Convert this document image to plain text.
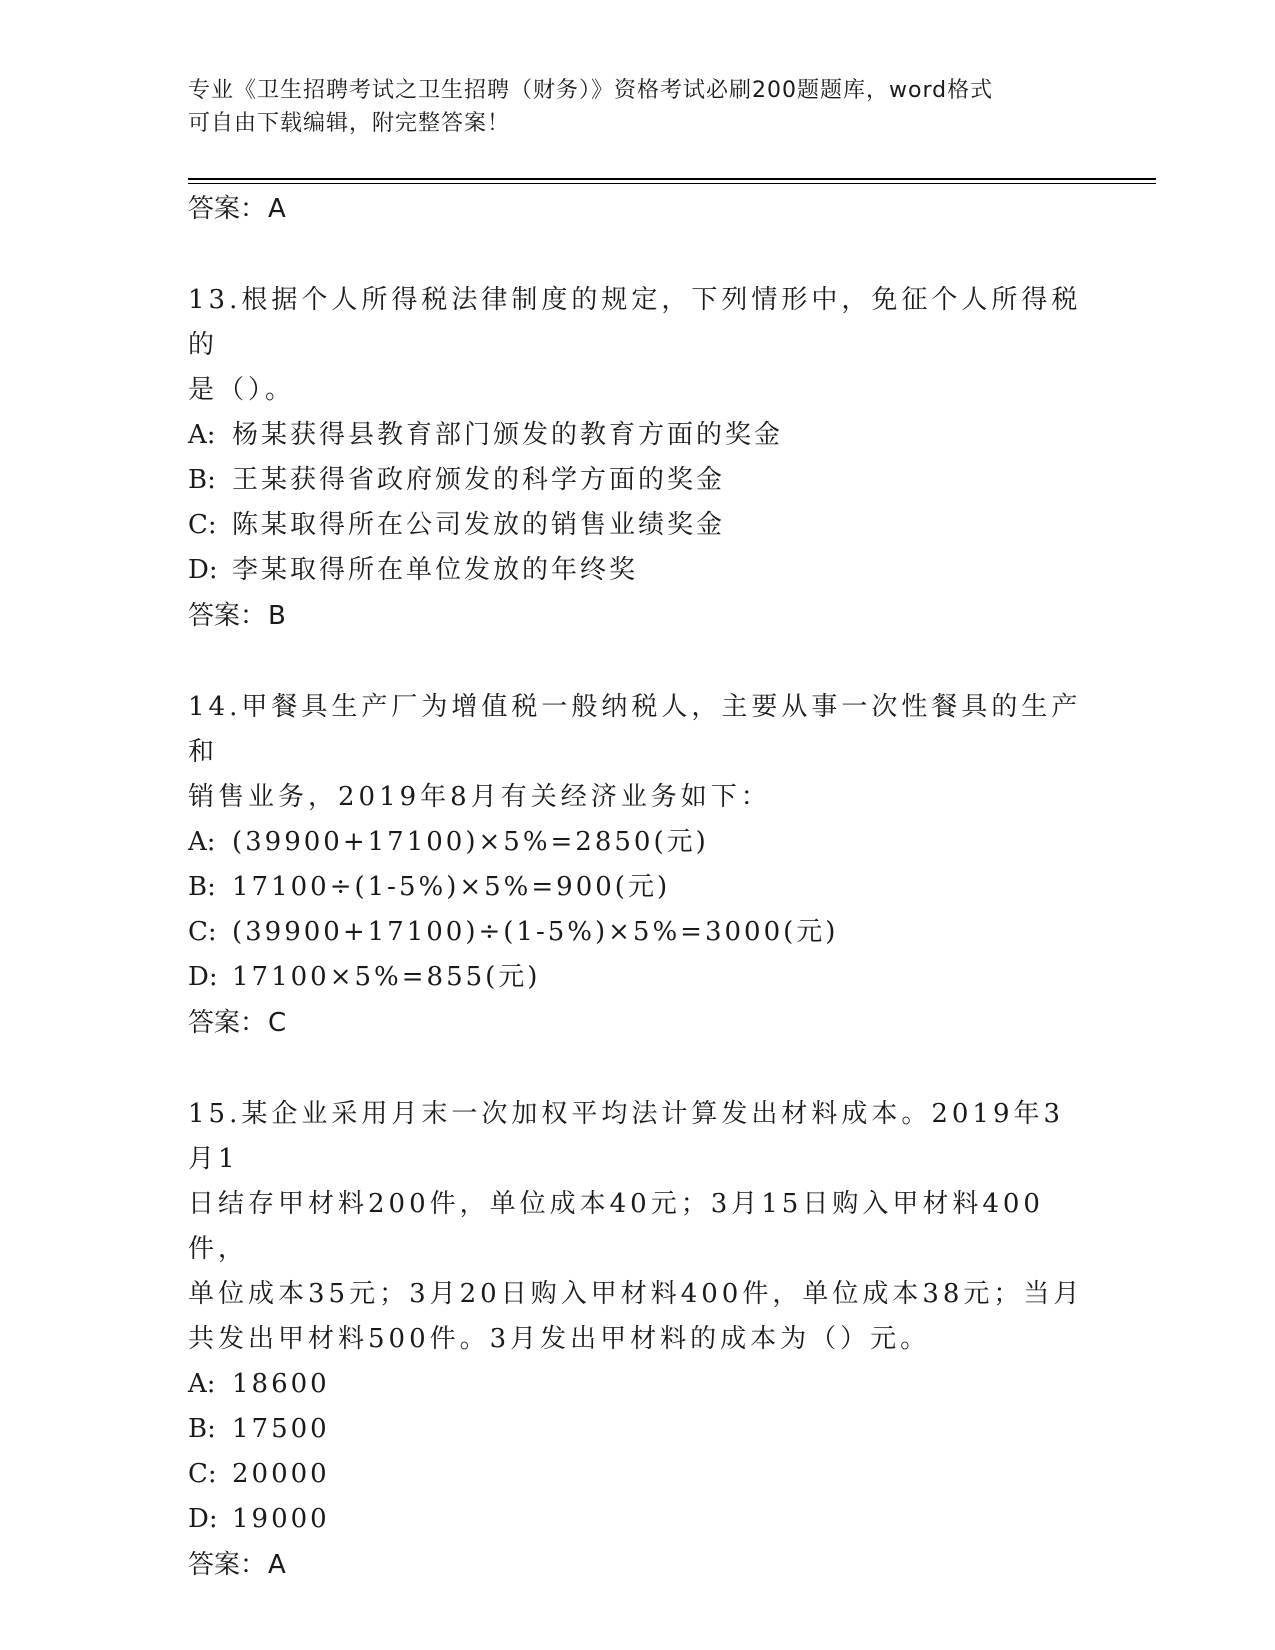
专业《卫生招聘考试之卫生招聘（财务）》资格考试必刷200题题库，word格式
可自由下载编辑，附完整答案！
答案：A
13.根据个人所得税法律制度的规定，下列情形中，免征个人所得税的
是（）。
A: 杨某获得县教育部门颁发的教育方面的奖金
B: 王某获得省政府颁发的科学方面的奖金
C: 陈某取得所在公司发放的销售业绩奖金
D: 李某取得所在单位发放的年终奖
答案：B
14.甲餐具生产厂为增值税一般纳税人，主要从事一次性餐具的生产和
销售业务，2019年8月有关经济业务如下：
A: (39900+17100)×5%=2850(元)
B: 17100÷(1-5%)×5%=900(元)
C: (39900+17100)÷(1-5%)×5%=3000(元)
D: 17100×5%=855(元)
答案：C
15.某企业采用月末一次加权平均法计算发出材料成本。2019年3月1
日结存甲材料200件，单位成本40元；3月15日购入甲材料400件，
单位成本35元；3月20日购入甲材料400件，单位成本38元；当月
共发出甲材料500件。3月发出甲材料的成本为（）元。
A: 18600
B: 17500
C: 20000
D: 19000
答案：A
